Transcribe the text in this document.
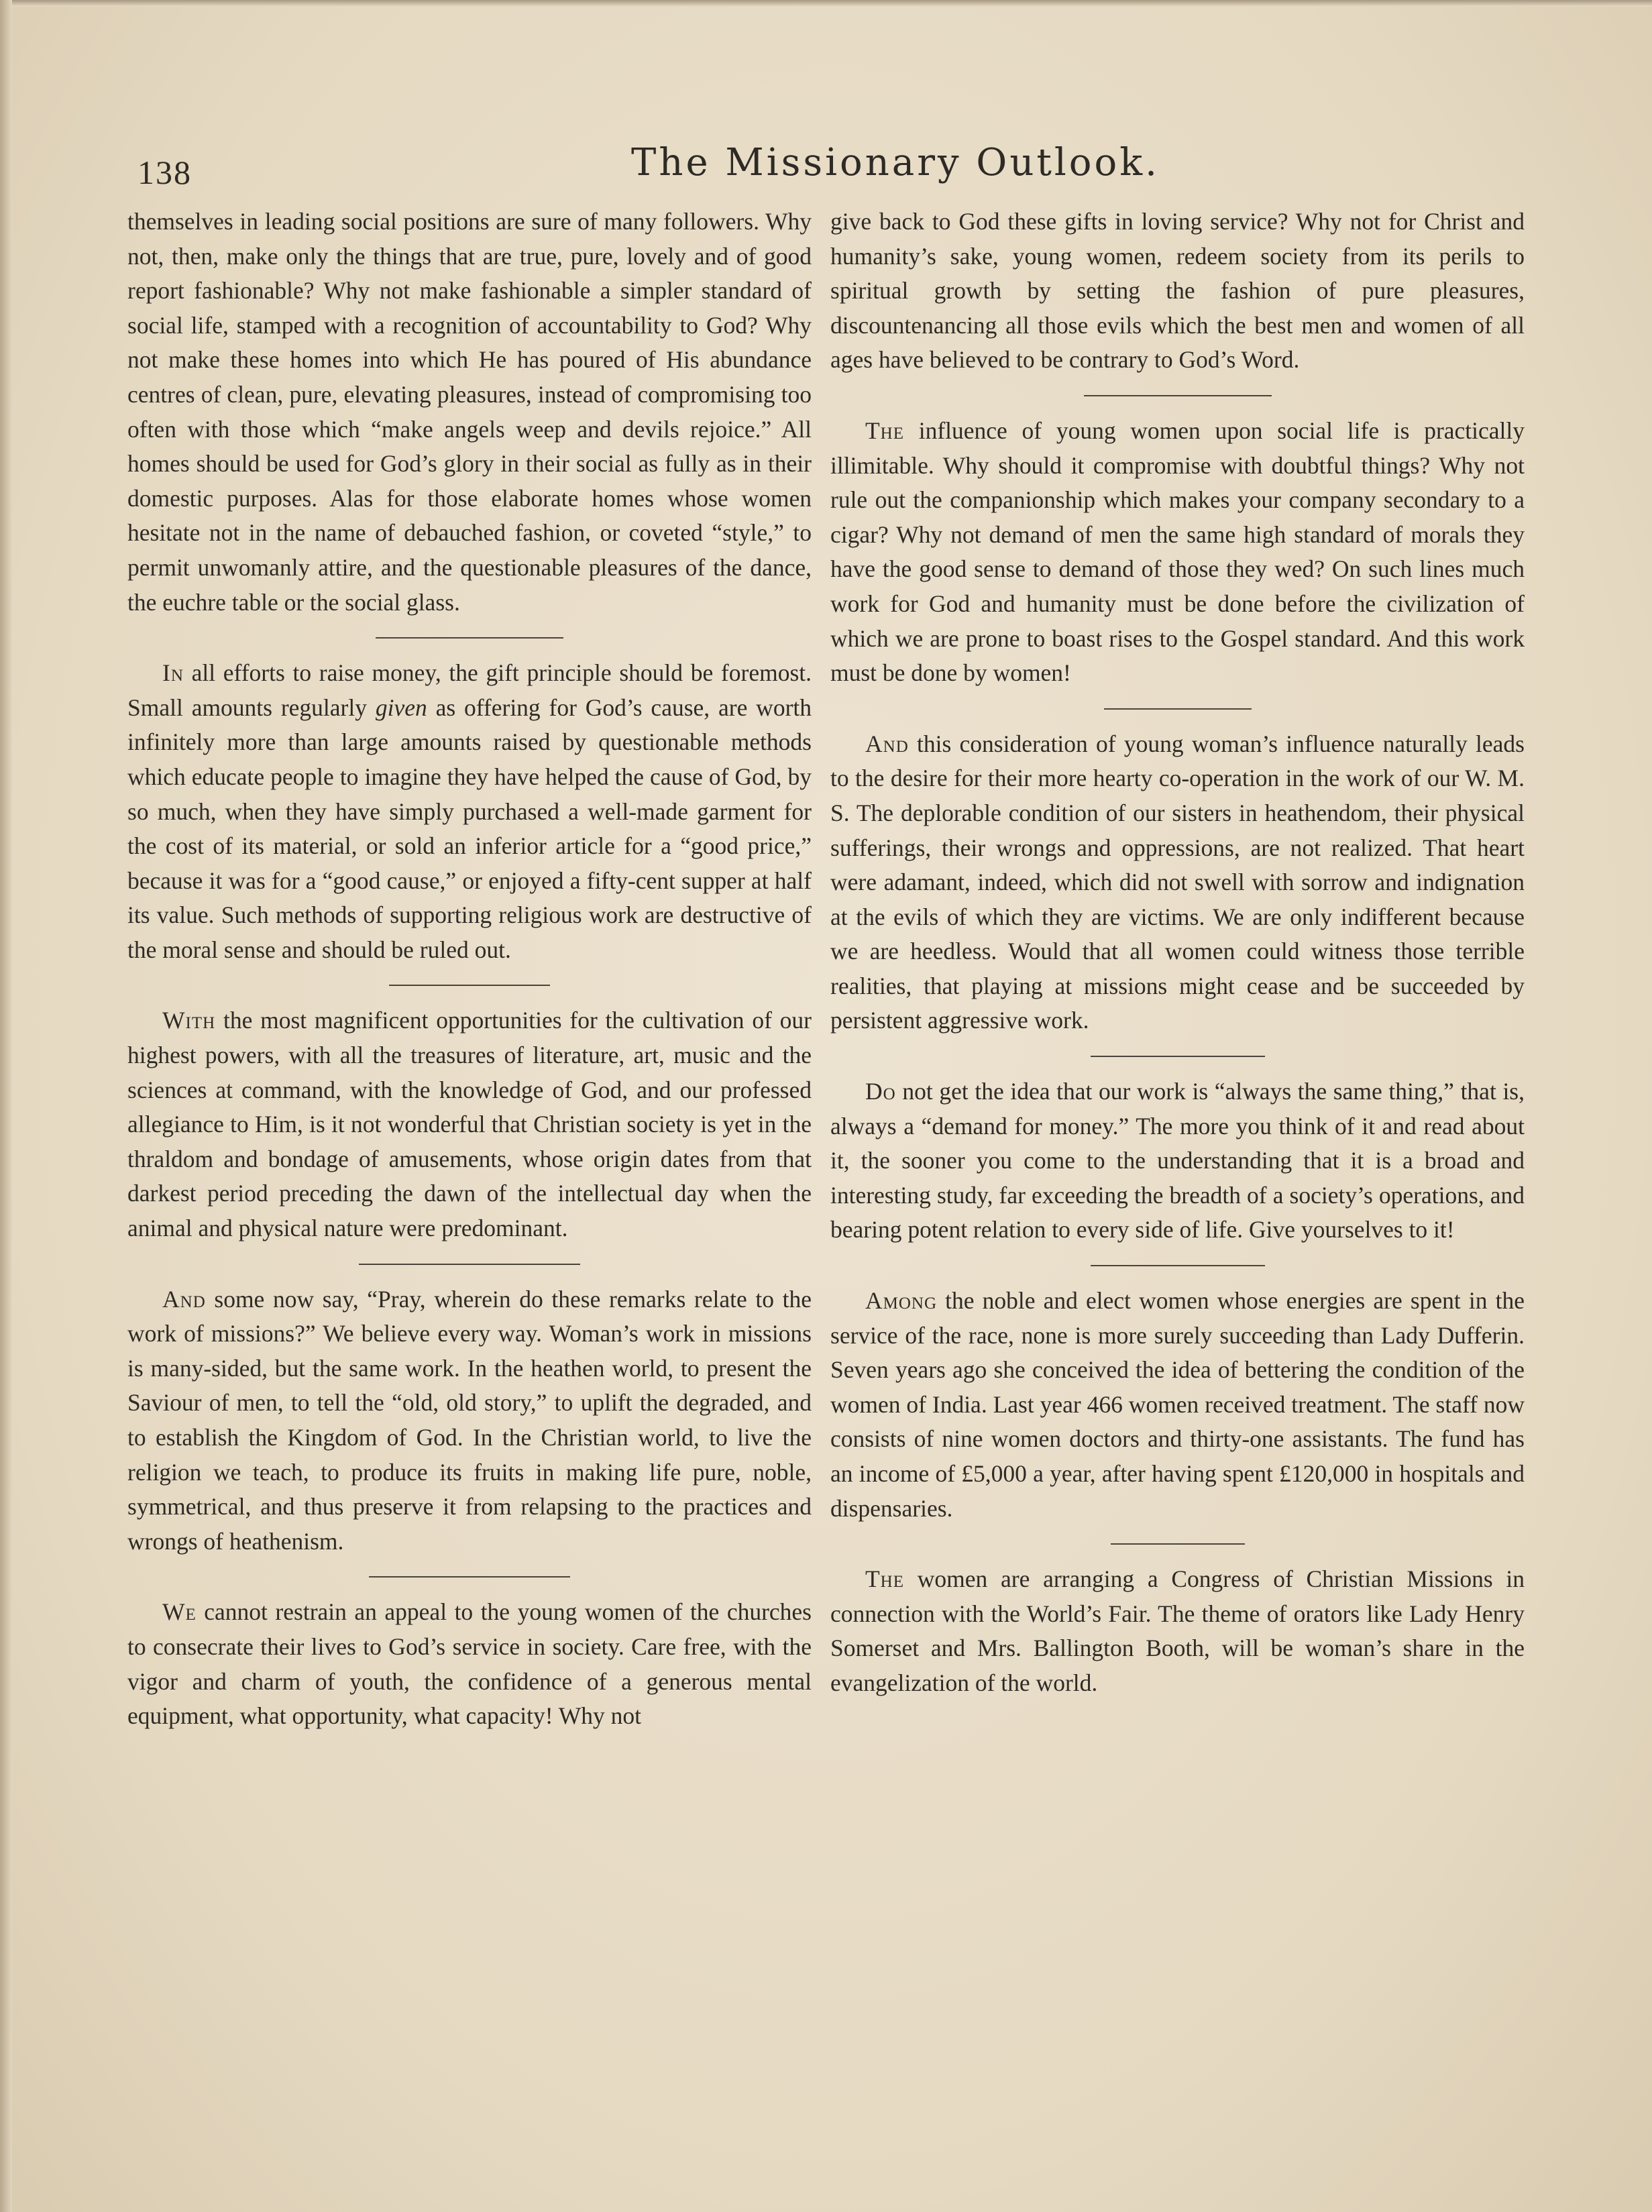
138	The Missionary Outlook.

themselves in leading social positions are sure of many followers. Why not, then, make only the things that are true, pure, lovely and of good report fashionable? Why not make fashionable a simpler standard of social life, stamped with a recognition of accountability to God? Why not make these homes into which He has poured of His abundance centres of clean, pure, elevating pleasures, instead of compromising too often with those which “make angels weep and devils rejoice.” All homes should be used for God’s glory in their social as fully as in their domestic purposes. Alas for those elaborate homes whose women hesitate not in the name of debauched fashion, or coveted “style,” to permit unwomanly attire, and the questionable pleasures of the dance, the euchre table or the social glass.

In all efforts to raise money, the gift principle should be foremost. Small amounts regularly given as offering for God’s cause, are worth infinitely more than large amounts raised by questionable methods which educate people to imagine they have helped the cause of God, by so much, when they have simply purchased a well-made garment for the cost of its material, or sold an inferior article for a “good price,” because it was for a “good cause,” or enjoyed a fifty-cent supper at half its value. Such methods of supporting religious work are destructive of the moral sense and should be ruled out.

With the most magnificent opportunities for the cultivation of our highest powers, with all the treasures of literature, art, music and the sciences at command, with the knowledge of God, and our professed allegiance to Him, is it not wonderful that Christian society is yet in the thraldom and bondage of amusements, whose origin dates from that darkest period preceding the dawn of the intellectual day when the animal and physical nature were predominant.

And some now say, “Pray, wherein do these remarks relate to the work of missions?” We believe every way. Woman’s work in missions is many-sided, but the same work. In the heathen world, to present the Saviour of men, to tell the “old, old story,” to uplift the degraded, and to establish the Kingdom of God. In the Christian world, to live the religion we teach, to produce its fruits in making life pure, noble, symmetrical, and thus preserve it from relapsing to the practices and wrongs of heathenism.

We cannot restrain an appeal to the young women of the churches to consecrate their lives to God’s service in society. Care free, with the vigor and charm of youth, the confidence of a generous mental equipment, what opportunity, what capacity! Why not

give back to God these gifts in loving service? Why not for Christ and humanity’s sake, young women, redeem society from its perils to spiritual growth by setting the fashion of pure pleasures, discountenancing all those evils which the best men and women of all ages have believed to be contrary to God’s Word.

The influence of young women upon social life is practically illimitable. Why should it compromise with doubtful things? Why not rule out the companionship which makes your company secondary to a cigar? Why not demand of men the same high standard of morals they have the good sense to demand of those they wed? On such lines much work for God and humanity must be done before the civilization of which we are prone to boast rises to the Gospel standard. And this work must be done by women!

And this consideration of young woman’s influence naturally leads to the desire for their more hearty co-operation in the work of our W. M. S. The deplorable condition of our sisters in heathendom, their physical sufferings, their wrongs and oppressions, are not realized. That heart were adamant, indeed, which did not swell with sorrow and indignation at the evils of which they are victims. We are only indifferent because we are heedless. Would that all women could witness those terrible realities, that playing at missions might cease and be succeeded by persistent aggressive work.

Do not get the idea that our work is “always the same thing,” that is, always a “demand for money.” The more you think of it and read about it, the sooner you come to the understanding that it is a broad and interesting study, far exceeding the breadth of a society’s operations, and bearing potent relation to every side of life. Give yourselves to it!

Among the noble and elect women whose energies are spent in the service of the race, none is more surely succeeding than Lady Dufferin. Seven years ago she conceived the idea of bettering the condition of the women of India. Last year 466 women received treatment. The staff now consists of nine women doctors and thirty-one assistants. The fund has an income of £5,000 a year, after having spent £120,000 in hospitals and dispensaries.

The women are arranging a Congress of Christian Missions in connection with the World’s Fair. The theme of orators like Lady Henry Somerset and Mrs. Ballington Booth, will be woman’s share in the evangelization of the world.
